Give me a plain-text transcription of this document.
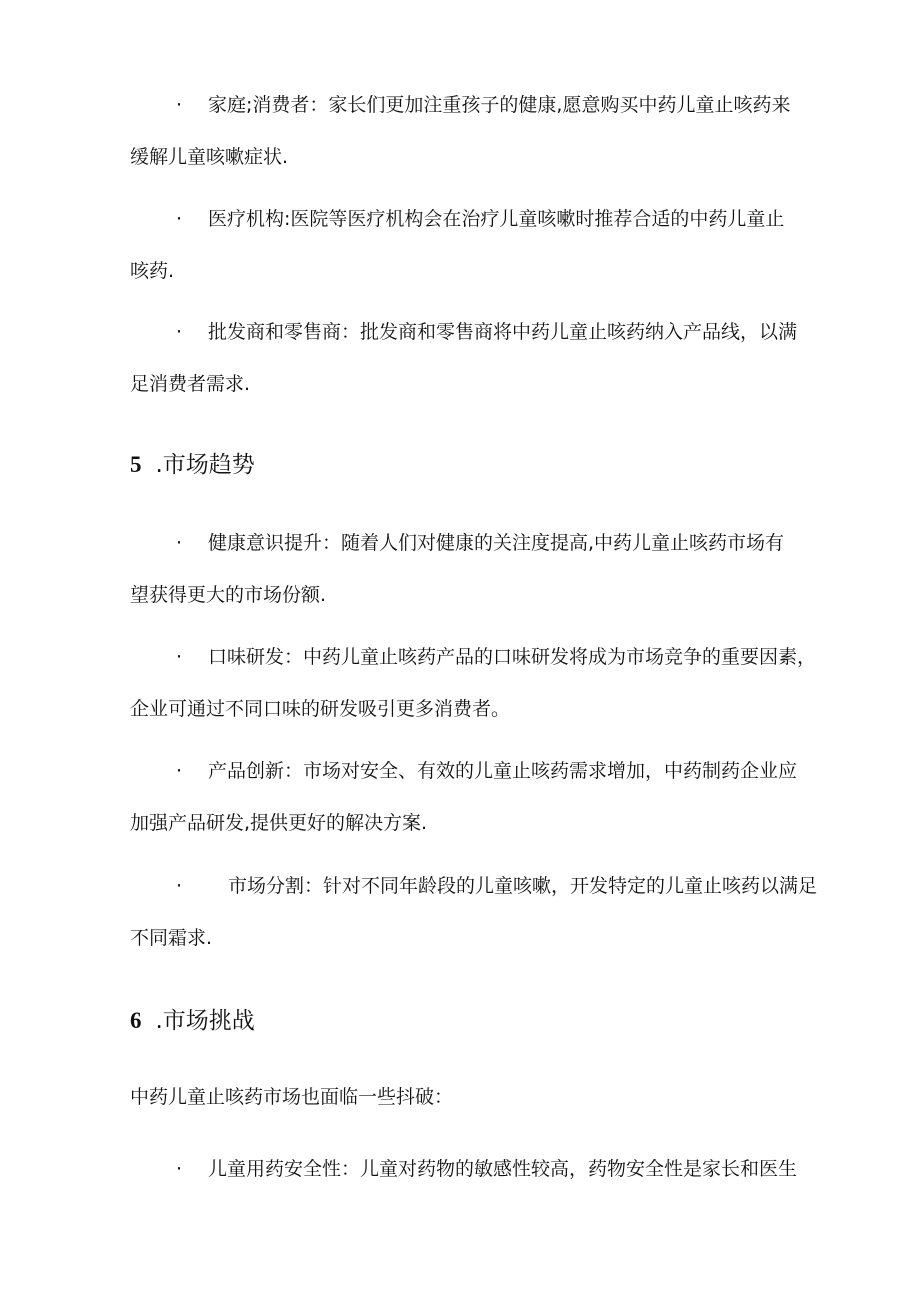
· 家庭;消费者：家长们更加注重孩子的健康,愿意购买中药儿童止咳药来
缓解儿童咳嗽症状.
· 医疗机构:医院等医疗机构会在治疗儿童咳嗽时推荐合适的中药儿童止
咳药.
· 批发商和零售商：批发商和零售商将中药儿童止咳药纳入产品线，以满
足消费者需求.
5 .市场趋势
· 健康意识提升：随着人们对健康的关注度提高,中药儿童止咳药市场有
望获得更大的市场份额.
· 口味研发：中药儿童止咳药产品的口味研发将成为市场竞争的重要因素，
企业可通过不同口味的研发吸引更多消费者。
· 产品创新：市场对安全、有效的儿童止咳药需求增加，中药制药企业应
加强产品研发,提供更好的解决方案.
· 市场分割：针对不同年龄段的儿童咳嗽，开发特定的儿童止咳药以满足
不同霜求.
6 .市场挑战
中药儿童止咳药市场也面临一些抖破：
· 儿童用药安全性：儿童对药物的敏感性较高，药物安全性是家长和医生
